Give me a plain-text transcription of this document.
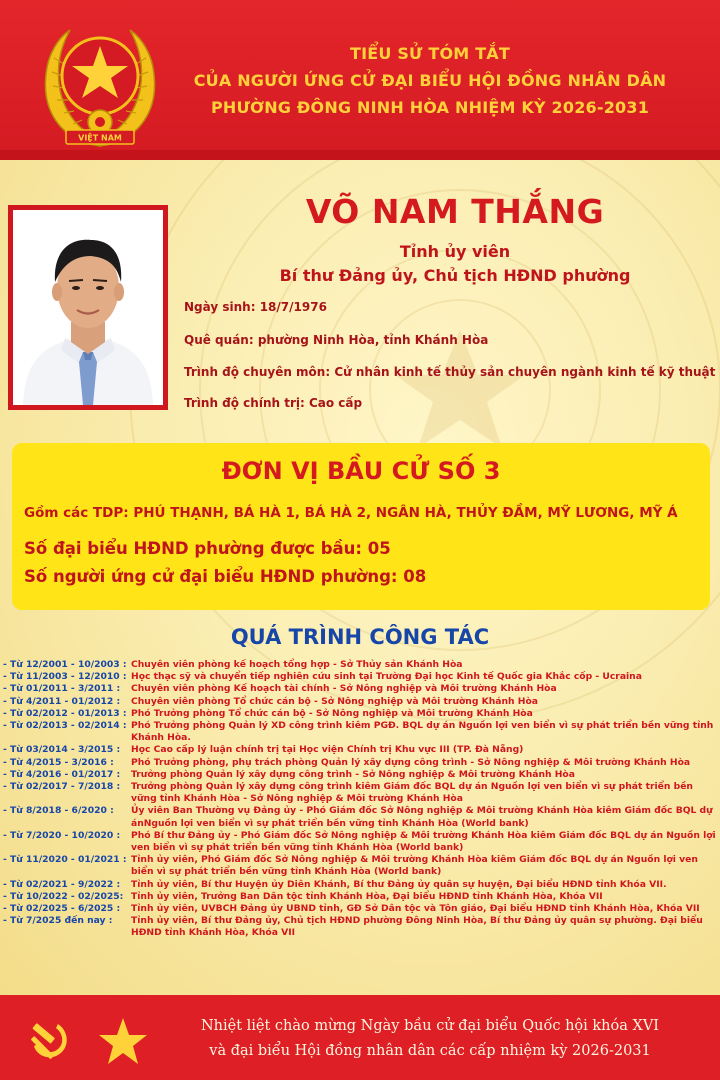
VIỆT NAM
TIỂU SỬ TÓM TẮT
CỦA NGƯỜI ỨNG CỬ ĐẠI BIỂU HỘI ĐỒNG NHÂN DÂN
PHƯỜNG ĐÔNG NINH HÒA NHIỆM KỲ 2026-2031
VÕ NAM THẮNG
Tỉnh ủy viên
Bí thư Đảng ủy, Chủ tịch HĐND phường
Ngày sinh: 18/7/1976
Quê quán: phường Ninh Hòa, tỉnh Khánh Hòa
Trình độ chuyên môn: Cử nhân kinh tế thủy sản chuyên ngành kinh tế kỹ thuật
Trình độ chính trị: Cao cấp
ĐƠN VỊ BẦU CỬ SỐ 3
Gồm các TDP: PHÚ THẠNH, BÁ HÀ 1, BÁ HÀ 2, NGÂN HÀ, THỦY ĐẦM, MỸ LƯƠNG, MỸ Á
Số đại biểu HĐND phường được bầu: 05
Số người ứng cử đại biểu HĐND phường: 08
QUÁ TRÌNH CÔNG TÁC
- Từ 12/2001 - 10/2003 : Chuyên viên phòng kế hoạch tổng hợp - Sở Thủy sản Khánh Hòa
- Từ 11/2003 - 12/2010 : Học thạc sỹ và chuyển tiếp nghiên cứu sinh tại Trường Đại học Kinh tế Quốc gia Khắc cốp - Ucraina
- Từ 01/2011 - 3/2011 :	Chuyên viên phòng Kế hoạch tài chính - Sở Nông nghiệp và Môi trường Khánh Hòa
- Từ 4/2011 - 01/2012 :	Chuyên viên phòng Tổ chức cán bộ - Sở Nông nghiệp và Môi trường Khánh Hòa
- Từ 02/2012 - 01/2013 : Phó Trưởng phòng Tổ chức cán bộ - Sở Nông nghiệp và Môi trường Khánh Hòa
- Từ 02/2013 - 02/2014 : Phó Trưởng phòng Quản lý XD công trình kiêm PGĐ. BQL dự án Nguồn lợi ven biển vì sự phát triển bền vững tỉnh Khánh Hòa.
- Từ 03/2014 - 3/2015 :	Học Cao cấp lý luận chính trị tại Học viện Chính trị Khu vực III (TP. Đà Nẵng)
- Từ 4/2015 - 3/2016 :	Phó Trưởng phòng, phụ trách phòng Quản lý xây dựng công trình - Sở Nông nghiệp & Môi trường Khánh Hòa
- Từ 4/2016 - 01/2017 :	Trưởng phòng Quản lý xây dựng công trình - Sở Nông nghiệp & Môi trường Khánh Hòa
- Từ 02/2017 - 7/2018 :	Trưởng phòng Quản lý xây dựng công trình kiêm Giám đốc BQL dự án Nguồn lợi ven biển vì sự phát triển bền vững tỉnh Khánh Hòa - Sở Nông nghiệp & Môi trường Khánh Hòa
- Từ 8/2018 - 6/2020 :	Ủy viên Ban Thường vụ Đảng ủy - Phó Giám đốc Sở Nông nghiệp & Môi trường Khánh Hòa kiêm Giám đốc BQL dự ánNguồn lợi ven biển vì sự phát triển bền vững tỉnh Khánh Hòa (World bank)
- Từ 7/2020 - 10/2020 :	Phó Bí thư Đảng ủy - Phó Giám đốc Sở Nông nghiệp & Môi trường Khánh Hòa kiêm Giám đốc BQL dự án Nguồn lợi ven biển vì sự phát triển bền vững tỉnh Khánh Hòa (World bank)
- Từ 11/2020 - 01/2021 : Tỉnh ủy viên, Phó Giám đốc Sở Nông nghiệp & Môi trường Khánh Hòa kiêm Giám đốc BQL dự án Nguồn lợi ven biển vì sự phát triển bền vững tỉnh Khánh Hòa (World bank)
- Từ 02/2021 - 9/2022 :	Tỉnh ủy viên, Bí thư Huyện ủy Diên Khánh, Bí thư Đảng ủy quân sự huyện, Đại biểu HĐND tỉnh Khóa VII.
- Từ 10/2022 - 02/2025: Tỉnh ủy viên, Trưởng Ban Dân tộc tỉnh Khánh Hòa, Đại biểu HĐND tỉnh Khánh Hòa, Khóa VII
- Từ 02/2025 - 6/2025 :	Tỉnh ủy viên, UVBCH Đảng ủy UBND tỉnh, GĐ Sở Dân tộc và Tôn giáo, Đại biểu HĐND tỉnh Khánh Hòa, Khóa VII
- Từ 7/2025 đến nay :	Tỉnh ủy viên, Bí thư Đảng ủy, Chủ tịch HĐND phường Đông Ninh Hòa, Bí thư Đảng ủy quân sự phường. Đại biểu HĐND tỉnh Khánh Hòa, Khóa VII
Nhiệt liệt chào mừng Ngày bầu cử đại biểu Quốc hội khóa XVI
và đại biểu Hội đồng nhân dân các cấp nhiệm kỳ 2026-2031
